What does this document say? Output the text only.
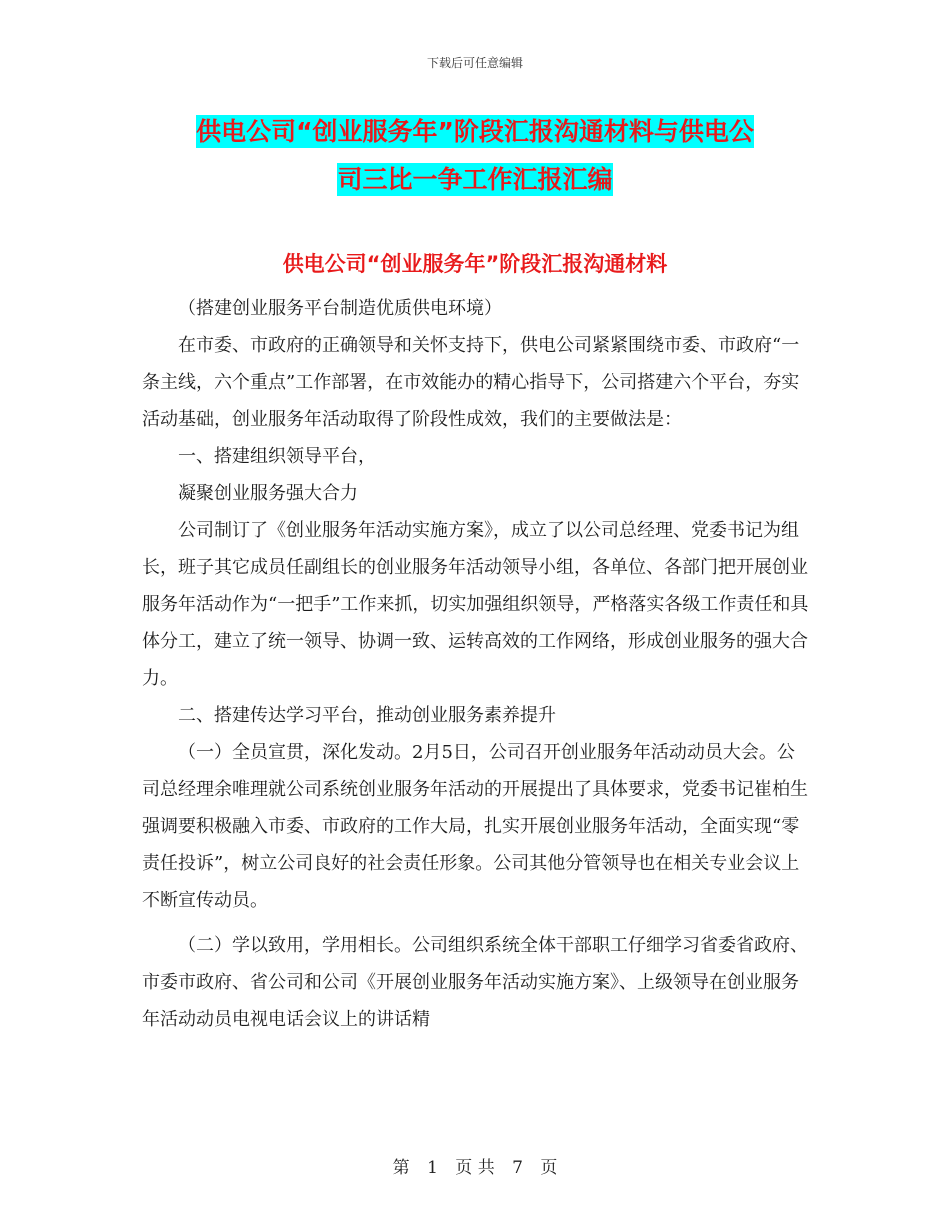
下载后可任意编辑
供电公司“创业服务年”阶段汇报沟通材料与供电公
司三比一争工作汇报汇编
供电公司“创业服务年”阶段汇报沟通材料

（搭建创业服务平台制造优质供电环境）

在市委、市政府的正确领导和关怀支持下，供电公司紧紧围绕市委、市政府“一条主线，六个重点”工作部署，在市效能办的精心指导下，公司搭建六个平台，夯实活动基础，创业服务年活动取得了阶段性成效，我们的主要做法是：

一、搭建组织领导平台，

凝聚创业服务强大合力

公司制订了《创业服务年活动实施方案》，成立了以公司总经理、党委书记为组长，班子其它成员任副组长的创业服务年活动领导小组，各单位、各部门把开展创业服务年活动作为“一把手”工作来抓，切实加强组织领导，严格落实各级工作责任和具体分工，建立了统一领导、协调一致、运转高效的工作网络，形成创业服务的强大合力。

二、搭建传达学习平台，推动创业服务素养提升

（一）全员宣贯，深化发动。2月5日，公司召开创业服务年活动动员大会。公司总经理余唯理就公司系统创业服务年活动的开展提出了具体要求，党委书记崔柏生强调要积极融入市委、市政府的工作大局，扎实开展创业服务年活动，全面实现“零责任投诉”，树立公司良好的社会责任形象。公司其他分管领导也在相关专业会议上不断宣传动员。

（二）学以致用，学用相长。公司组织系统全体干部职工仔细学习省委省政府、市委市政府、省公司和公司《开展创业服务年活动实施方案》、上级领导在创业服务年活动动员电视电话会议上的讲话精

第 1 页 共 7 页
